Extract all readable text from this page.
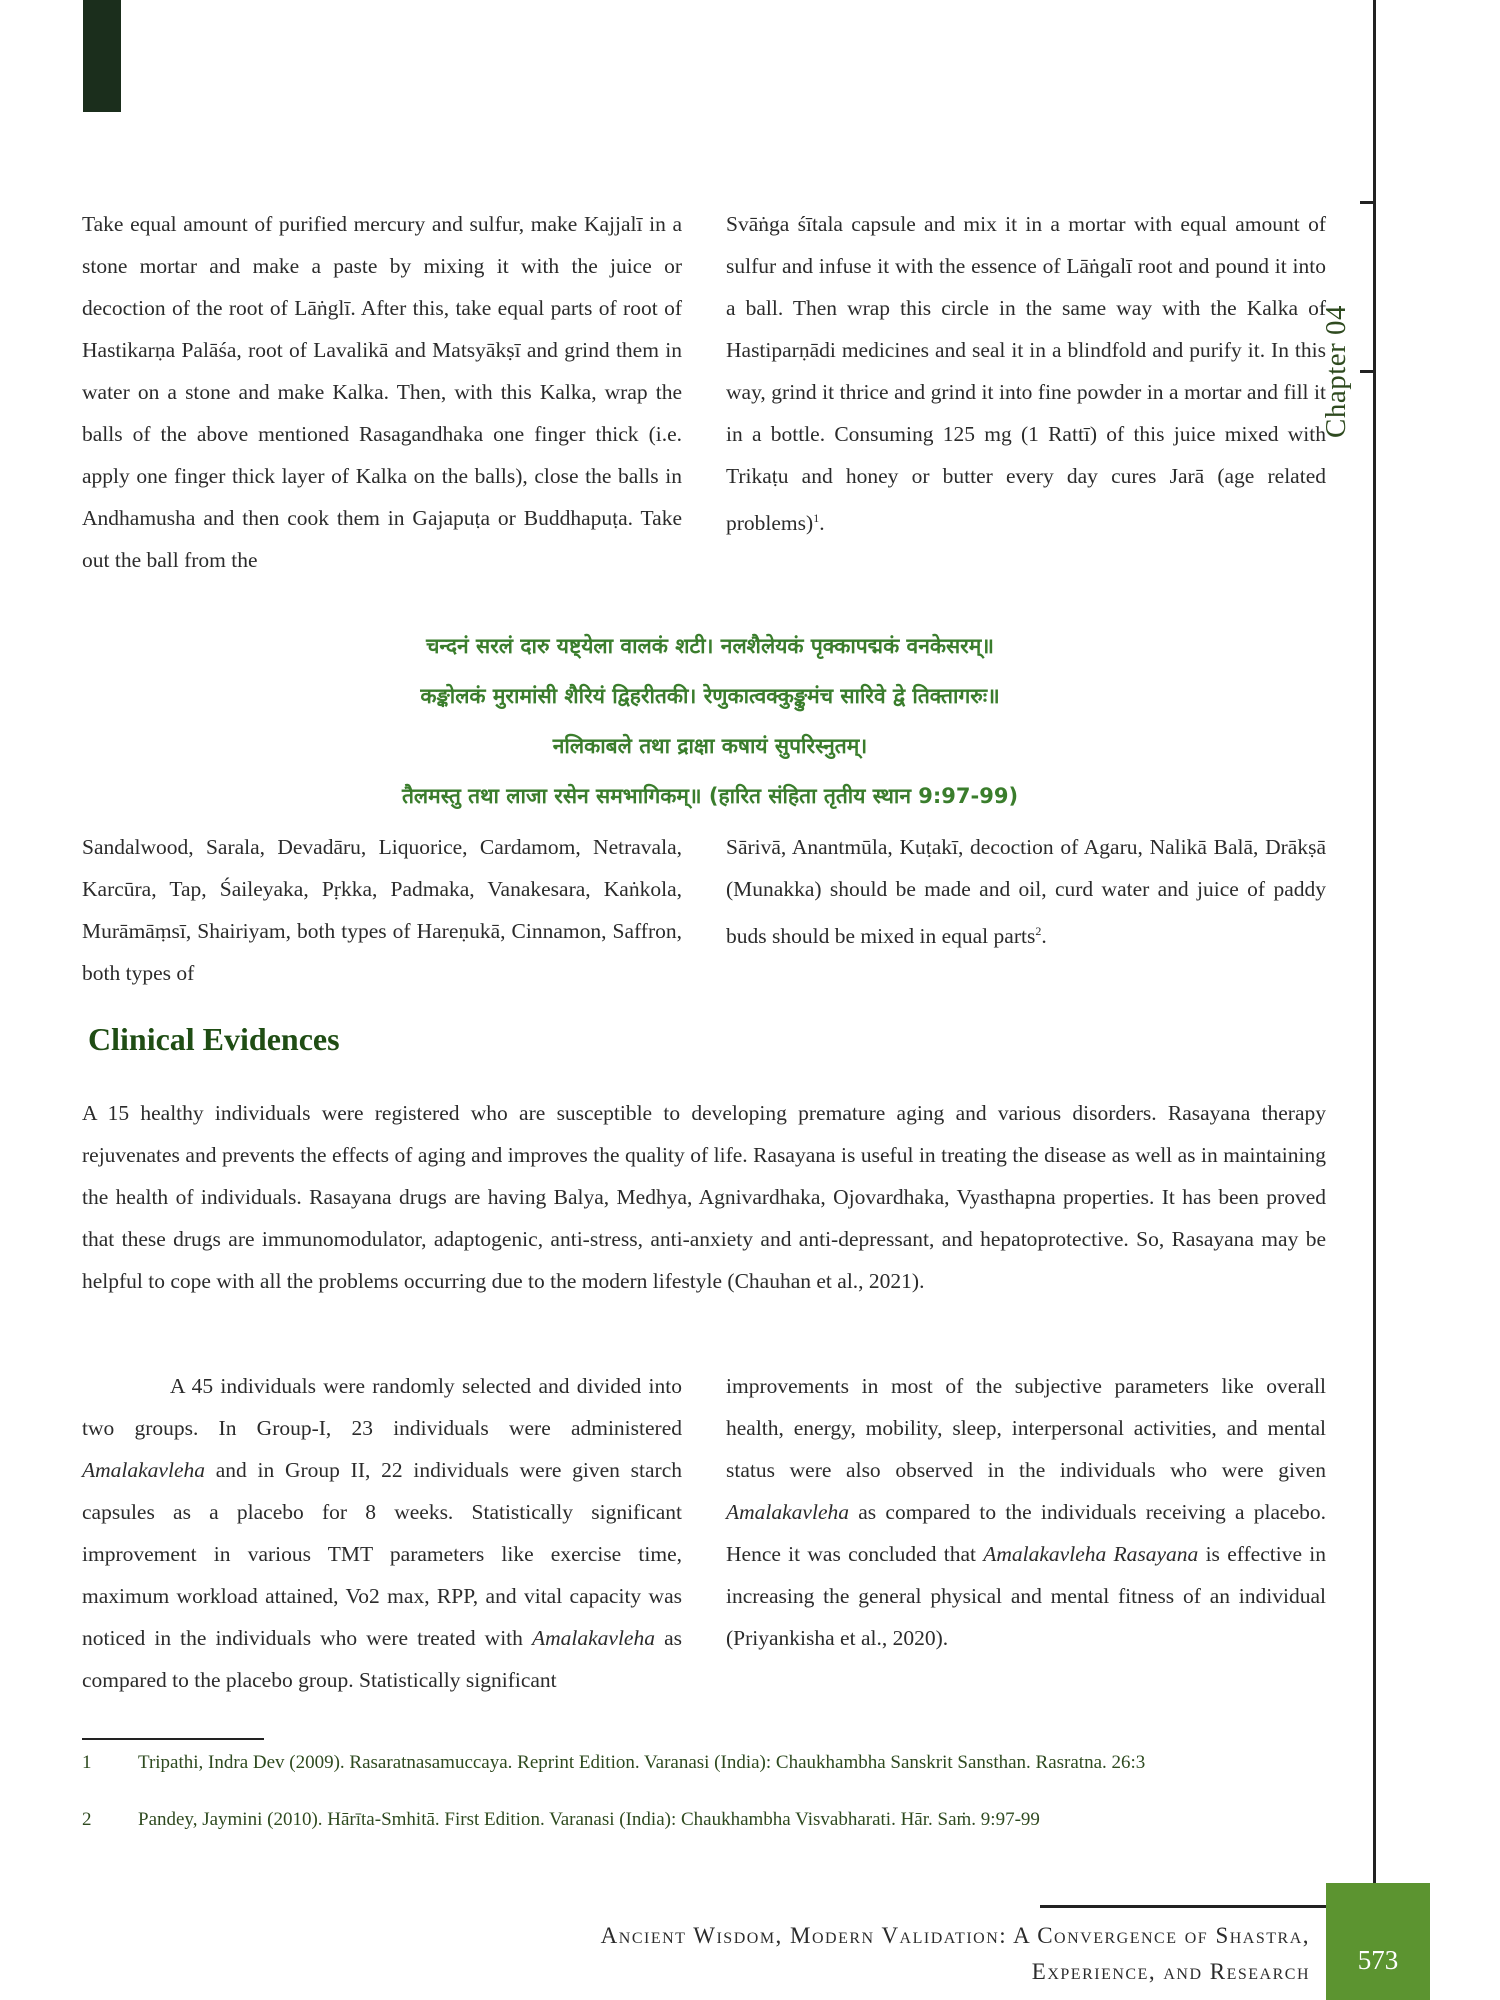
Chapter 04

Take equal amount of purified mercury and sulfur, make Kajjalī in a stone mortar and make a paste by mixing it with the juice or decoction of the root of Lāṅglī. After this, take equal parts of root of Hastikarṇa Palāśa, root of Lavalikā and Matsyākṣī and grind them in water on a stone and make Kalka. Then, with this Kalka, wrap the balls of the above mentioned Rasagandhaka one finger thick (i.e. apply one finger thick layer of Kalka on the balls), close the balls in Andhamusha and then cook them in Gajapuṭa or Buddhapuṭa. Take out the ball from the

Svāṅga śītala capsule and mix it in a mortar with equal amount of sulfur and infuse it with the essence of Lāṅgalī root and pound it into a ball. Then wrap this circle in the same way with the Kalka of Hastiparṇādi medicines and seal it in a blindfold and purify it. In this way, grind it thrice and grind it into fine powder in a mortar and fill it in a bottle. Consuming 125 mg (1 Rattī) of this juice mixed with Trikaṭu and honey or butter every day cures Jarā (age related problems)$^1$.

चन्दनं सरलं दारु यष्ट्येला वालकं शटी। नलशैलेयकं पृक्कापद्मकं वनकेसरम्॥
कङ्कोलकं मुरामांसी शैरियं द्विहरीतकी। रेणुकात्वक्कुङ्कुमंच सारिवे द्वे तिक्तागरुः॥
नलिकाबले तथा द्राक्षा कषायं सुपरिस्नुतम्।
तैलमस्तु तथा लाजा रसेन समभागिकम्॥ (हारित संहिता तृतीय स्थान 9:97-99)

Sandalwood, Sarala, Devadāru, Liquorice, Cardamom, Netravala, Karcūra, Tap, Śaileyaka, Pṛkka, Padmaka, Vanakesara, Kaṅkola, Murāmāṃsī, Shairiyam, both types of Hareṇukā, Cinnamon, Saffron, both types of

Sārivā, Anantmūla, Kuṭakī, decoction of Agaru, Nalikā Balā, Drākṣā (Munakka) should be made and oil, curd water and juice of paddy buds should be mixed in equal parts$^2$.

Clinical Evidences

A 15 healthy individuals were registered who are susceptible to developing premature aging and various disorders. Rasayana therapy rejuvenates and prevents the effects of aging and improves the quality of life. Rasayana is useful in treating the disease as well as in maintaining the health of individuals. Rasayana drugs are having Balya, Medhya, Agnivardhaka, Ojovardhaka, Vyasthapna properties. It has been proved that these drugs are immunomodulator, adaptogenic, anti-stress, anti-anxiety and anti-depressant, and hepatoprotective. So, Rasayana may be helpful to cope with all the problems occurring due to the modern lifestyle (Chauhan et al., 2021).

A 45 individuals were randomly selected and divided into two groups. In Group-I, 23 individuals were administered Amalakavleha and in Group II, 22 individuals were given starch capsules as a placebo for 8 weeks. Statistically significant improvement in various TMT parameters like exercise time, maximum workload attained, Vo2 max, RPP, and vital capacity was noticed in the individuals who were treated with Amalakavleha as compared to the placebo group. Statistically significant

improvements in most of the subjective parameters like overall health, energy, mobility, sleep, interpersonal activities, and mental status were also observed in the individuals who were given Amalakavleha as compared to the individuals receiving a placebo. Hence it was concluded that Amalakavleha Rasayana is effective in increasing the general physical and mental fitness of an individual (Priyankisha et al., 2020).

1 Tripathi, Indra Dev (2009). Rasaratnasamuccaya. Reprint Edition. Varanasi (India): Chaukhambha Sanskrit Sansthan. Rasratna. 26:3
2 Pandey, Jaymini (2010). Hārīta-Smhitā. First Edition. Varanasi (India): Chaukhambha Visvabharati. Hār. Saṁ. 9:97-99
573
Ancient Wisdom, Modern Validation: A Convergence of Shastra,
Experience, and Research
